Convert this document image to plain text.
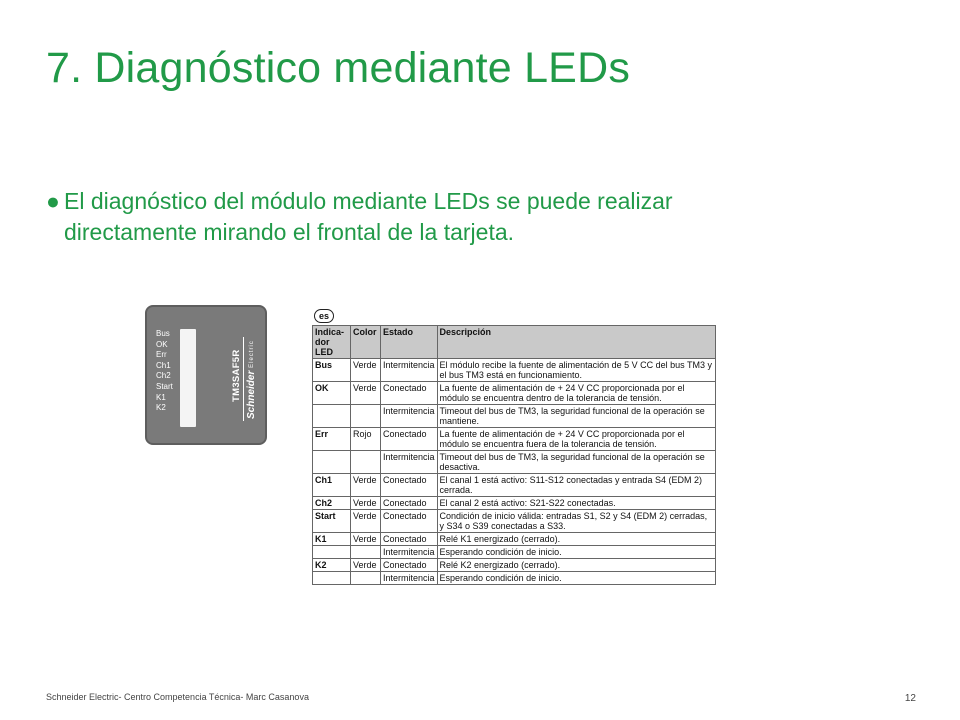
7. Diagnóstico mediante LEDs
● El diagnóstico del módulo mediante LEDs se puede realizar
directamente mirando el frontal de la tarjeta.
Bus
OK
Err
Ch1
Ch2
Start
K1
K2
TM3SAF5R Schneider Electric
es
Indica-
dor LED	Color	Estado	Descripción
Bus	Verde	Intermitencia	El módulo recibe la fuente de alimentación de 5 V CC del bus TM3 y el bus TM3 está en funcionamiento.
OK	Verde	Conectado	La fuente de alimentación de + 24 V CC proporcionada por el módulo se encuentra dentro de la tolerancia de tensión.
		Intermitencia	Timeout del bus de TM3, la seguridad funcional de la operación se mantiene.
Err	Rojo	Conectado	La fuente de alimentación de + 24 V CC proporcionada por el módulo se encuentra fuera de la tolerancia de tensión.
		Intermitencia	Timeout del bus de TM3, la seguridad funcional de la operación se desactiva.
Ch1	Verde	Conectado	El canal 1 está activo: S11-S12 conectadas y entrada S4 (EDM 2) cerrada.
Ch2	Verde	Conectado	El canal 2 está activo: S21-S22 conectadas.
Start	Verde	Conectado	Condición de inicio válida: entradas S1, S2 y S4 (EDM 2) cerradas, y S34 o S39 conectadas a S33.
K1	Verde	Conectado	Relé K1 energizado (cerrado).
		Intermitencia	Esperando condición de inicio.
K2	Verde	Conectado	Relé K2 energizado (cerrado).
		Intermitencia	Esperando condición de inicio.
Schneider Electric- Centro Competencia Técnica- Marc Casanova	12
